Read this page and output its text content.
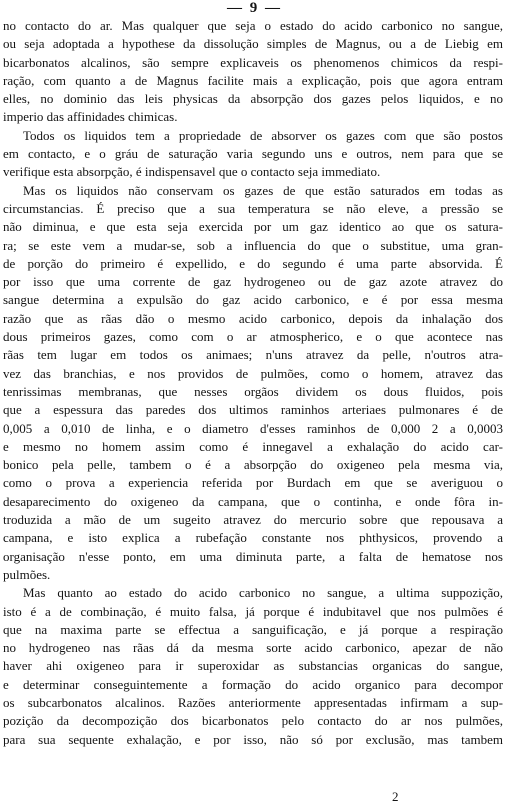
— 9 —
no contacto do ar. Mas qualquer que seja o estado do acido carbonico no sangue,
ou seja adoptada a hypothese da dissolução simples de Magnus, ou a de Liebig em
bicarbonatos alcalinos, são sempre explicaveis os phenomenos chimicos da respi-
ração, com quanto a de Magnus facilite mais a explicação, pois que agora entram
elles, no dominio das leis physicas da absorpção dos gazes pelos liquidos, e no
imperio das affinidades chimicas.
Todos os liquidos tem a propriedade de absorver os gazes com que são postos
em contacto, e o gráu de saturação varia segundo uns e outros, nem para que se
verifique esta absorpção, é indispensavel que o contacto seja immediato.
Mas os liquidos não conservam os gazes de que estão saturados em todas as
circumstancias. É preciso que a sua temperatura se não eleve, a pressão se
não diminua, e que esta seja exercida por um gaz identico ao que os satura-
ra; se este vem a mudar-se, sob a influencia do que o substitue, uma gran-
de porção do primeiro é expellido, e do segundo é uma parte absorvida. É
por isso que uma corrente de gaz hydrogeneo ou de gaz azote atravez do
sangue determina a expulsão do gaz acido carbonico, e é por essa mesma
razão que as rãas dão o mesmo acido carbonico, depois da inhalação dos
dous primeiros gazes, como com o ar atmospherico, e o que acontece nas
rãas tem lugar em todos os animaes; n'uns atravez da pelle, n'outros atra-
vez das branchias, e nos providos de pulmões, como o homem, atravez das
tenrissimas membranas, que nesses orgãos dividem os dous fluidos, pois
que a espessura das paredes dos ultimos raminhos arteriaes pulmonares é de
0,005 a 0,010 de linha, e o diametro d'esses raminhos de 0,000 2 a 0,0003
e mesmo no homem assim como é innegavel a exhalação do acido car-
bonico pela pelle, tambem o é a absorpção do oxigeneo pela mesma via,
como o prova a experiencia referida por Burdach em que se averiguou o
desaparecimento do oxigeneo da campana, que o continha, e onde fôra in-
troduzida a mão de um sugeito atravez do mercurio sobre que repousava a
campana, e isto explica a rubefação constante nos phthysicos, provendo a
organisação n'esse ponto, em uma diminuta parte, a falta de hematose nos
pulmões.
Mas quanto ao estado do acido carbonico no sangue, a ultima suppozição,
isto é a de combinação, é muito falsa, já porque é indubitavel que nos pulmões é
que na maxima parte se effectua a sanguificação, e já porque a respiração
no hydrogeneo nas rãas dá da mesma sorte acido carbonico, apezar de não
haver ahi oxigeneo para ir superoxidar as substancias organicas do sangue,
e determinar conseguintemente a formação do acido organico para decompor
os subcarbonatos alcalinos. Razões anteriormente appresentadas infirmam a sup-
pozição da decompozição dos bicarbonatos pelo contacto do ar nos pulmões,
para sua sequente exhalação, e por isso, não só por exclusão, mas tambem
2
